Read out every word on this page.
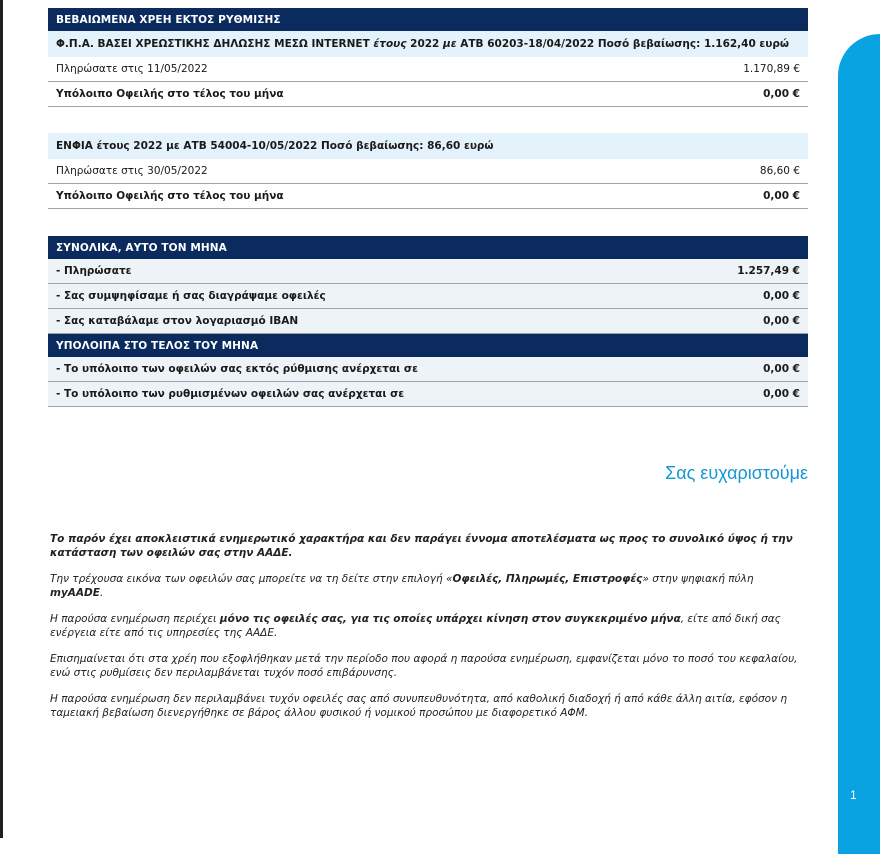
1
ΒΕΒΑΙΩΜΕΝΑ ΧΡΕΗ ΕΚΤΟΣ ΡΥΘΜΙΣΗΣ	
Φ.Π.Α. ΒΑΣΕΙ ΧΡΕΩΣΤΙΚΗΣ ΔΗΛΩΣΗΣ ΜΕΣΩ INTERNET έτους 2022 με ΑΤΒ 60203-18/04/2022 Ποσό βεβαίωσης: 1.162,40 ευρώ	
Πληρώσατε στις 11/05/2022	1.170,89 €
Υπόλοιπο Οφειλής στο τέλος του μήνα	0,00 €

ΕΝΦΙΑ έτους 2022 με ΑΤΒ 54004-10/05/2022 Ποσό βεβαίωσης: 86,60 ευρώ	
Πληρώσατε στις 30/05/2022	86,60 €
Υπόλοιπο Οφειλής στο τέλος του μήνα	0,00 €

ΣΥΝΟΛΙΚΑ, ΑΥΤΟ ΤΟΝ ΜΗΝΑ	
- Πληρώσατε	1.257,49 €
- Σας συμψηφίσαμε ή σας διαγράψαμε οφειλές	0,00 €
- Σας καταβάλαμε στον λογαριασμό IBAN	0,00 €
ΥΠΟΛΟΙΠΑ ΣΤΟ ΤΕΛΟΣ ΤΟΥ ΜΗΝΑ	
- Το υπόλοιπο των οφειλών σας εκτός ρύθμισης ανέρχεται σε	0,00 €
- Το υπόλοιπο των ρυθμισμένων οφειλών σας ανέρχεται σε	0,00 €
Σας ευχαριστούμε

Το παρόν έχει αποκλειστικά ενημερωτικό χαρακτήρα και δεν παράγει έννομα αποτελέσματα ως προς το συνολικό ύψος ή την κατάσταση των οφειλών σας στην ΑΑΔΕ.

Την τρέχουσα εικόνα των οφειλών σας μπορείτε να τη δείτε στην επιλογή «Οφειλές, Πληρωμές, Επιστροφές» στην ψηφιακή πύλη myAADE.

Η παρούσα ενημέρωση περιέχει μόνο τις οφειλές σας, για τις οποίες υπάρχει κίνηση στον συγκεκριμένο μήνα, είτε από δική σας ενέργεια είτε από τις υπηρεσίες της ΑΑΔΕ.

Επισημαίνεται ότι στα χρέη που εξοφλήθηκαν μετά την περίοδο που αφορά η παρούσα ενημέρωση, εμφανίζεται μόνο το ποσό του κεφαλαίου, ενώ στις ρυθμίσεις δεν περιλαμβάνεται τυχόν ποσό επιβάρυνσης.

Η παρούσα ενημέρωση δεν περιλαμβάνει τυχόν οφειλές σας από συνυπευθυνότητα, από καθολική διαδοχή ή από κάθε άλλη αιτία, εφόσον η ταμειακή βεβαίωση διενεργήθηκε σε βάρος άλλου φυσικού ή νομικού προσώπου με διαφορετικό ΑΦΜ.
